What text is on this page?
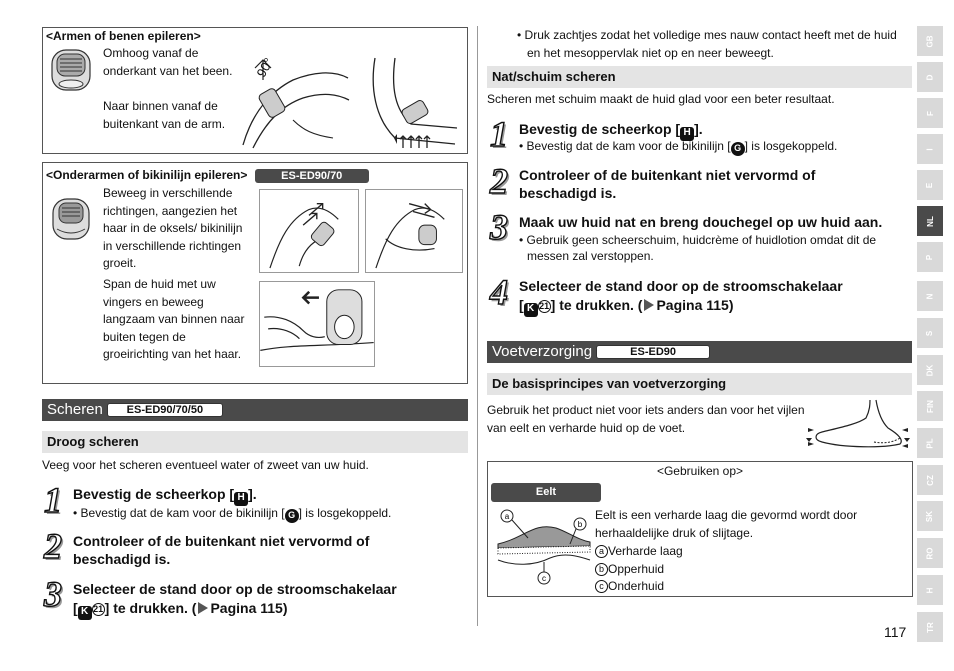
<Armen of benen epileren>
Omhoog vanaf de onderkant van het been.
Naar binnen vanaf de buitenkant van de arm.
90°
<Onderarmen of bikinilijn epileren>	ES-ED90/70
Beweeg in verschillende richtingen, aangezien het haar in de oksels/ bikinilijn in verschillende richtingen groeit.
Span de huid met uw vingers en beweeg langzaam van binnen naar buiten tegen de groeirichting van het haar.
Scheren ES-ED90/70/50
Droog scheren
Veeg voor het scheren eventueel water of zweet van uw huid.
1 Bevestig de scheerkop [ H ].
• Bevestig dat de kam voor de bikinilijn [ G ] is losgekoppeld.
2 Controleer of de buitenkant niet vervormd of beschadigd is.
3 Selecteer de stand door op de stroomschakelaar
[ K 21 ] te drukken. ( Pagina 115)
• Druk zachtjes zodat het volledige mes nauw contact heeft met de huid en het mesoppervlak niet op en neer beweegt.
Nat/schuim scheren
Scheren met schuim maakt de huid glad voor een beter resultaat.
1 Bevestig de scheerkop [ H ].
• Bevestig dat de kam voor de bikinilijn [ G ] is losgekoppeld.
2 Controleer of de buitenkant niet vervormd of beschadigd is.
3 Maak uw huid nat en breng douchegel op uw huid aan.
• Gebruik geen scheerschuim, huidcrème of huidlotion omdat dit de messen zal verstoppen.
4 Selecteer de stand door op de stroomschakelaar
[ K 21 ] te drukken. ( Pagina 115)
Voetverzorging	ES-ED90
De basisprincipes van voetverzorging
Gebruik het product niet voor iets anders dan voor het vijlen van eelt en verharde huid op de voet.
<Gebruiken op>
Eelt
a
b
c
Eelt is een verharde laag die gevormd wordt door herhaaldelijke druk of slijtage.
a Verharde laag
b Opperhuid
c Onderhuid
117
GB
D
F
I
E
NL
P
N
S
DK
FIN
PL
CZ
SK
RO
H
TR
